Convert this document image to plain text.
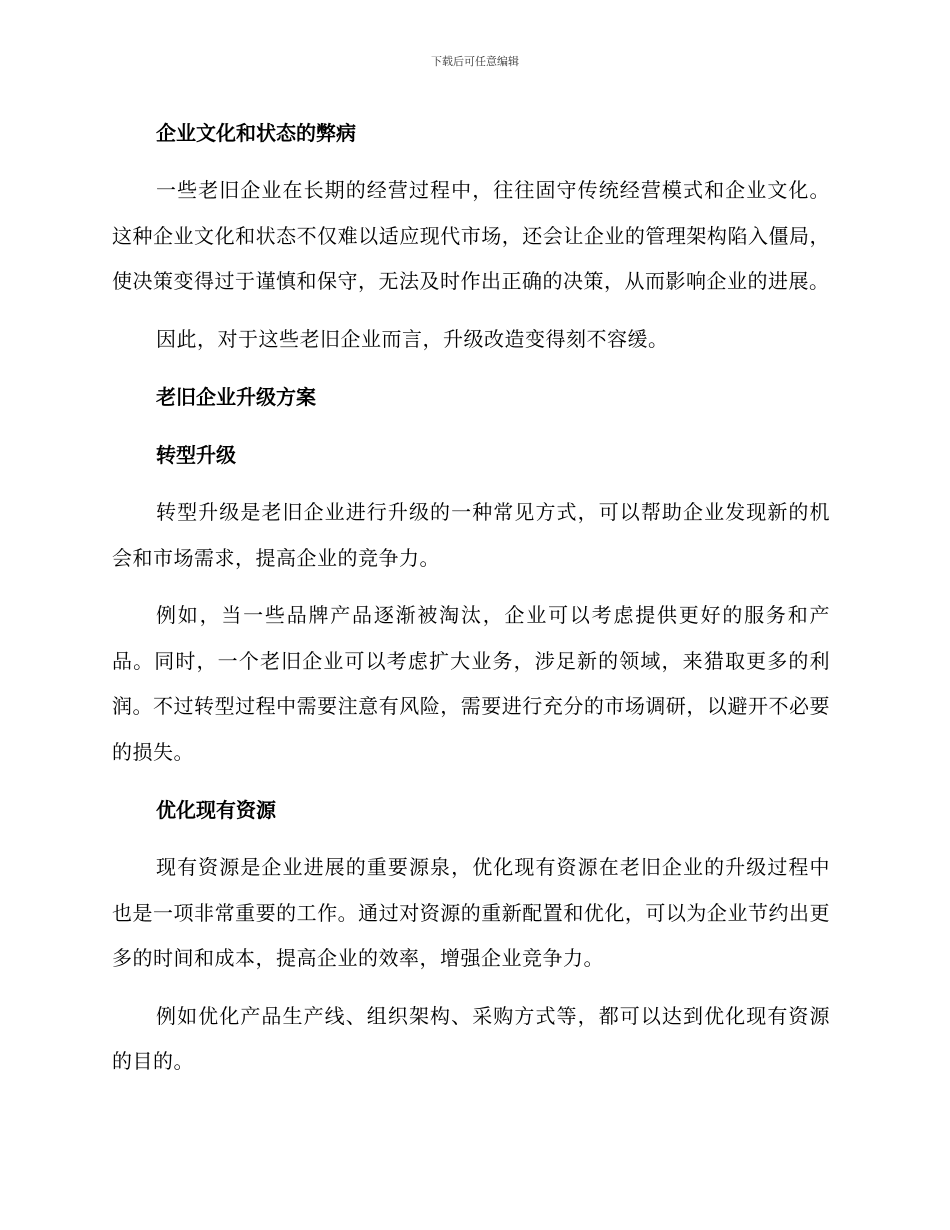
下载后可任意编辑
企业文化和状态的弊病

一些老旧企业在长期的经营过程中，往往固守传统经营模式和企业文化。这种企业文化和状态不仅难以适应现代市场，还会让企业的管理架构陷入僵局，使决策变得过于谨慎和保守，无法及时作出正确的决策，从而影响企业的进展。

因此，对于这些老旧企业而言，升级改造变得刻不容缓。

老旧企业升级方案
转型升级

转型升级是老旧企业进行升级的一种常见方式，可以帮助企业发现新的机会和市场需求，提高企业的竞争力。

例如，当一些品牌产品逐渐被淘汰，企业可以考虑提供更好的服务和产品。同时，一个老旧企业可以考虑扩大业务，涉足新的领域，来猎取更多的利润。不过转型过程中需要注意有风险，需要进行充分的市场调研，以避开不必要的损失。

优化现有资源

现有资源是企业进展的重要源泉，优化现有资源在老旧企业的升级过程中也是一项非常重要的工作。通过对资源的重新配置和优化，可以为企业节约出更多的时间和成本，提高企业的效率，增强企业竞争力。

例如优化产品生产线、组织架构、采购方式等，都可以达到优化现有资源的目的。
